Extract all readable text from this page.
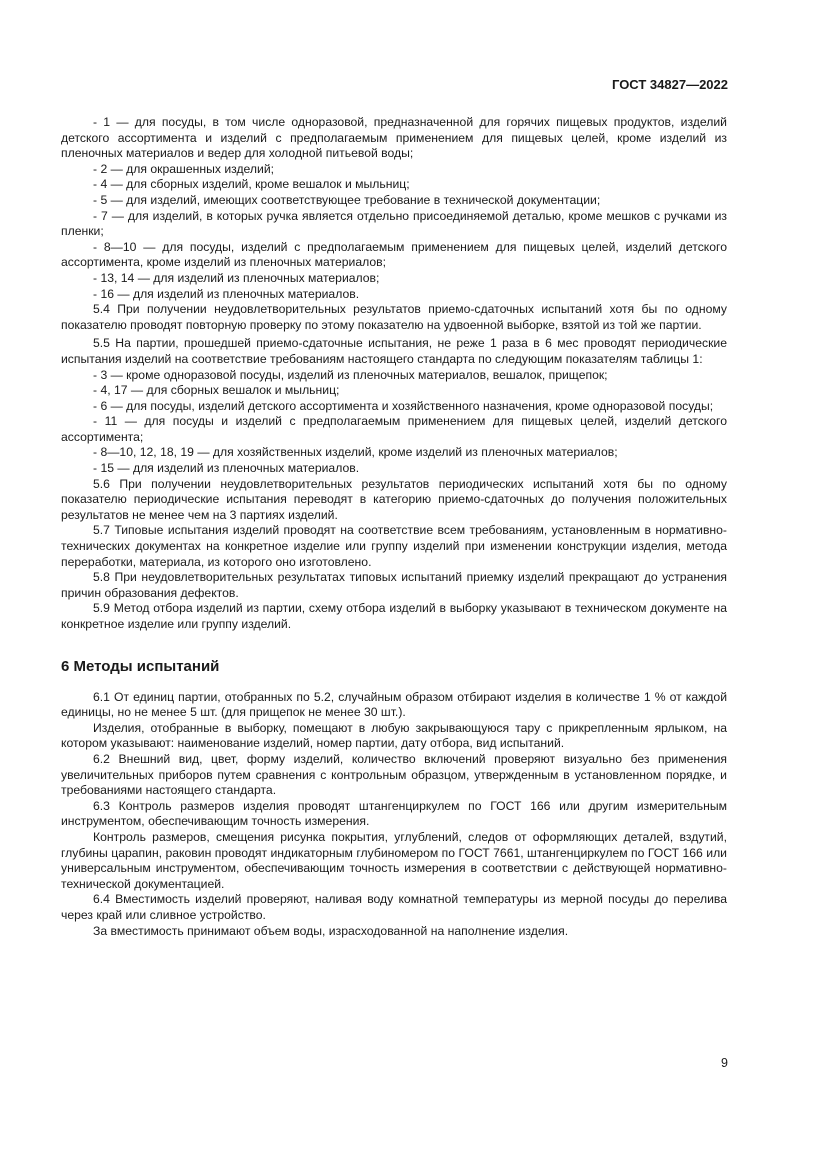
ГОСТ 34827—2022

- 1 — для посуды, в том числе одноразовой, предназначенной для горячих пищевых продуктов, изделий детского ассортимента и изделий с предполагаемым применением для пищевых целей, кроме изделий из пленочных материалов и ведер для холодной питьевой воды;

- 2 — для окрашенных изделий;

- 4 — для сборных изделий, кроме вешалок и мыльниц;

- 5 — для изделий, имеющих соответствующее требование в технической документации;

- 7 — для изделий, в которых ручка является отдельно присоединяемой деталью, кроме мешков с ручками из пленки;

- 8—10 — для посуды, изделий с предполагаемым применением для пищевых целей, изделий детского ассортимента, кроме изделий из пленочных материалов;

- 13, 14 — для изделий из пленочных материалов;

- 16 — для изделий из пленочных материалов.

5.4 При получении неудовлетворительных результатов приемо-сдаточных испытаний хотя бы по одному показателю проводят повторную проверку по этому показателю на удвоенной выборке, взятой из той же партии.

5.5 На партии, прошедшей приемо-сдаточные испытания, не реже 1 раза в 6 мес проводят периодические испытания изделий на соответствие требованиям настоящего стандарта по следующим показателям таблицы 1:

- 3 — кроме одноразовой посуды, изделий из пленочных материалов, вешалок, прищепок;

- 4, 17 — для сборных вешалок и мыльниц;

- 6 — для посуды, изделий детского ассортимента и хозяйственного назначения, кроме одноразовой посуды;

- 11 — для посуды и изделий с предполагаемым применением для пищевых целей, изделий детского ассортимента;

- 8—10, 12, 18, 19 — для хозяйственных изделий, кроме изделий из пленочных материалов;

- 15 — для изделий из пленочных материалов.

5.6 При получении неудовлетворительных результатов периодических испытаний хотя бы по одному показателю периодические испытания переводят в категорию приемо-сдаточных до получения положительных результатов не менее чем на 3 партиях изделий.

5.7 Типовые испытания изделий проводят на соответствие всем требованиям, установленным в нормативно-технических документах на конкретное изделие или группу изделий при изменении конструкции изделия, метода переработки, материала, из которого оно изготовлено.

5.8 При неудовлетворительных результатах типовых испытаний приемку изделий прекращают до устранения причин образования дефектов.

5.9 Метод отбора изделий из партии, схему отбора изделий в выборку указывают в техническом документе на конкретное изделие или группу изделий.

6 Методы испытаний

6.1 От единиц партии, отобранных по 5.2, случайным образом отбирают изделия в количестве 1 % от каждой единицы, но не менее 5 шт. (для прищепок не менее 30 шт.).

Изделия, отобранные в выборку, помещают в любую закрывающуюся тару с прикрепленным ярлыком, на котором указывают: наименование изделий, номер партии, дату отбора, вид испытаний.

6.2 Внешний вид, цвет, форму изделий, количество включений проверяют визуально без применения увеличительных приборов путем сравнения с контрольным образцом, утвержденным в установленном порядке, и требованиями настоящего стандарта.

6.3 Контроль размеров изделия проводят штангенциркулем по ГОСТ 166 или другим измерительным инструментом, обеспечивающим точность измерения.

Контроль размеров, смещения рисунка покрытия, углублений, следов от оформляющих деталей, вздутий, глубины царапин, раковин проводят индикаторным глубиномером по ГОСТ 7661, штангенциркулем по ГОСТ 166 или универсальным инструментом, обеспечивающим точность измерения в соответствии с действующей нормативно-технической документацией.

6.4 Вместимость изделий проверяют, наливая воду комнатной температуры из мерной посуды до перелива через край или сливное устройство.

За вместимость принимают объем воды, израсходованной на наполнение изделия.

9
